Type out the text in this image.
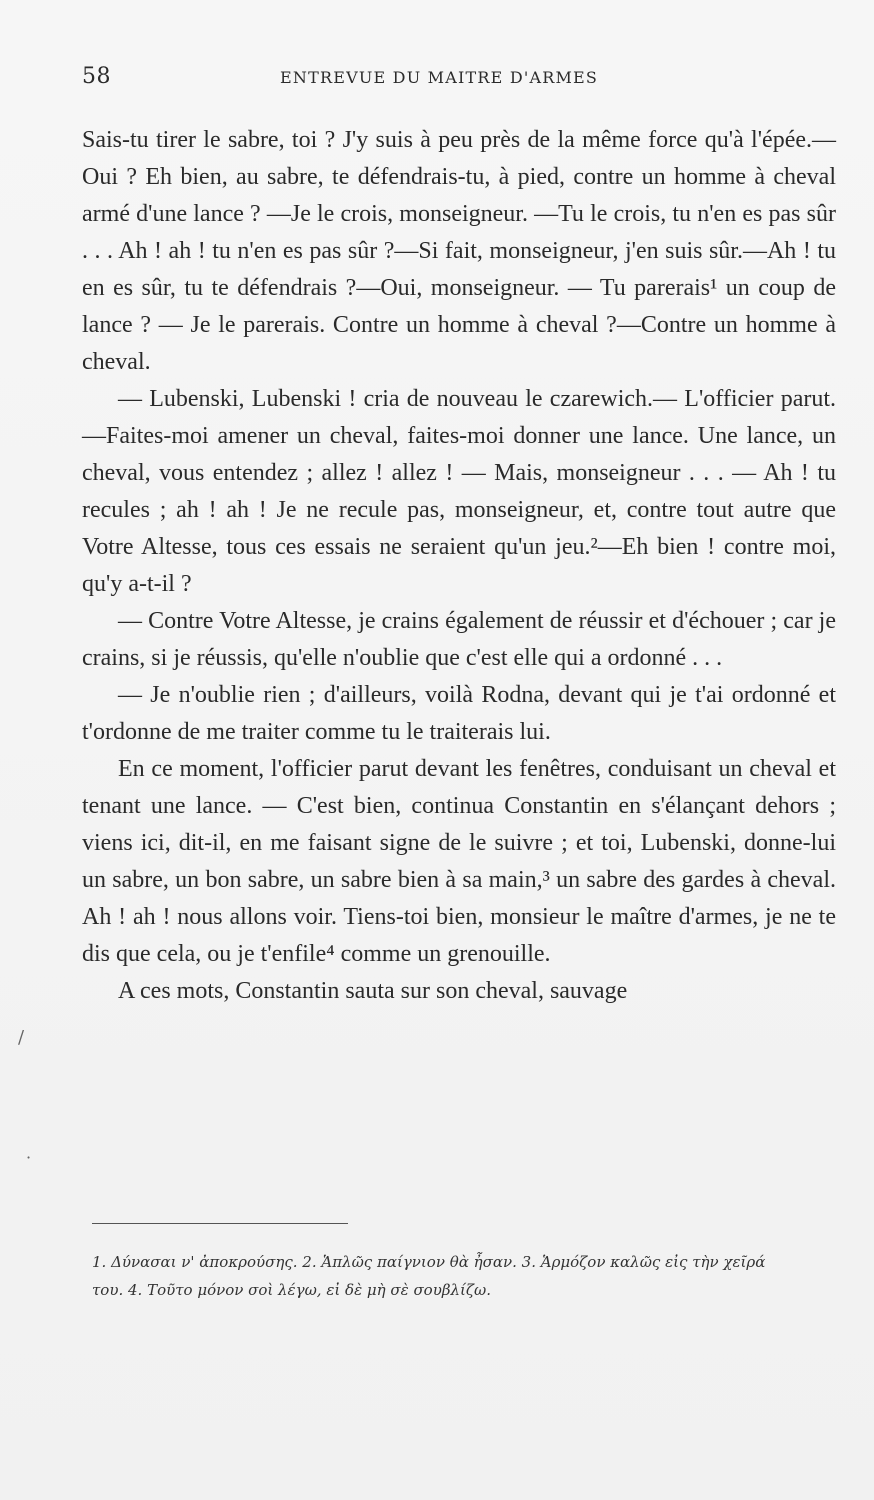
58	ENTREVUE DU MAITRE D'ARMES

Sais-tu tirer le sabre, toi ? J'y suis à peu près de la même force qu'à l'épée.—Oui ? Eh bien, au sabre, te défendrais-tu, à pied, contre un homme à cheval armé d'une lance ? —Je le crois, monseigneur. —Tu le crois, tu n'en es pas sûr . . . Ah ! ah ! tu n'en es pas sûr ?—Si fait, monseigneur, j'en suis sûr.—Ah ! tu en es sûr, tu te défendrais ?—Oui, monseigneur. — Tu parerais¹ un coup de lance ? — Je le parerais. Contre un homme à cheval ?—Contre un homme à cheval.

— Lubenski, Lubenski ! cria de nouveau le czarewich.— L'officier parut.—Faites-moi amener un cheval, faites-moi donner une lance. Une lance, un cheval, vous entendez ; allez ! allez ! — Mais, monseigneur . . . — Ah ! tu recules ; ah ! ah ! Je ne recule pas, monseigneur, et, contre tout autre que Votre Altesse, tous ces essais ne seraient qu'un jeu.²—Eh bien ! contre moi, qu'y a-t-il ?

— Contre Votre Altesse, je crains également de réussir et d'échouer ; car je crains, si je réussis, qu'elle n'oublie que c'est elle qui a ordonné . . .

— Je n'oublie rien ; d'ailleurs, voilà Rodna, devant qui je t'ai ordonné et t'ordonne de me traiter comme tu le traiterais lui.

En ce moment, l'officier parut devant les fenêtres, conduisant un cheval et tenant une lance. — C'est bien, continua Constantin en s'élançant dehors ; viens ici, dit-il, en me faisant signe de le suivre ; et toi, Lubenski, donne-lui un sabre, un bon sabre, un sabre bien à sa main,³ un sabre des gardes à cheval. Ah ! ah ! nous allons voir. Tiens-toi bien, monsieur le maître d'armes, je ne te dis que cela, ou je t'enfile⁴ comme un grenouille.

A ces mots, Constantin sauta sur son cheval, sauvage

1. Δύνασαι ν' ἀποκρούσης. 2. Ἁπλῶς παίγνιον θὰ ἦσαν. 3. Ἁρμόζον καλῶς εἰς τὴν χεῖρά

του. 4. Τοῦτο μόνον σοὶ λέγω, εἰ δὲ μὴ σὲ σουβλίζω.

/
·
